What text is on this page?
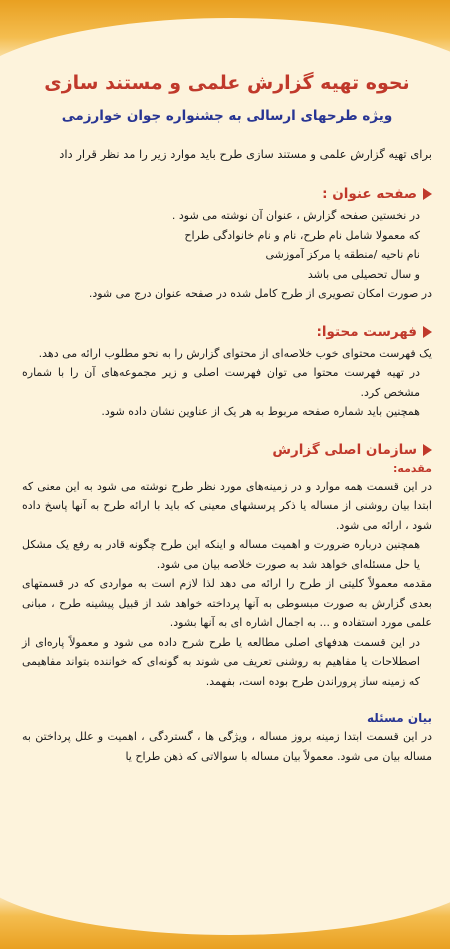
نحوه تهیه گزارش علمی و مستند سازی
ویژه طرحهای ارسالی به جشنواره جوان خوارزمی
برای تهیه گزارش علمی و مستند سازی طرح باید موارد زیر را مد نظر قرار داد
صفحه عنوان :
در نخستین صفحه گزارش ، عنوان آن نوشته می شود .
که معمولا شامل نام طرح، نام و نام خانوادگی طراح
نام ناحیه /منطقه یا مرکز آموزشی
و سال تحصیلی می باشد
در صورت امکان تصویری از طرح کامل شده در صفحه عنوان درج می شود.
فهرست محتوا:
یک فهرست محتوای خوب خلاصه‌ای از محتوای گزارش را به نحو مطلوب ارائه می دهد.
در تهیه فهرست محتوا می توان فهرست اصلی و زیر مجموعه‌های آن را با شماره مشخص کرد.
همچنین باید شماره صفحه مربوط به هر یک از عناوین نشان داده شود.
سازمان اصلی گزارش
مقدمه:
در این قسمت همه موارد و در زمینه‌های مورد نظر طرح نوشته می شود به این معنی که ابتدا بیان روشنی از مساله یا ذکر پرسشهای معینی که باید با ارائه طرح به آنها پاسخ داده شود ، ارائه می شود.
همچنین درباره ضرورت و اهمیت مساله و اینکه این طرح چگونه قادر به رفع یک مشکل یا حل مسئله‌ای خواهد شد به صورت خلاصه بیان می شود.
مقدمه معمولاً کلیتی از طرح را ارائه می دهد لذا لازم است به مواردی که در قسمتهای بعدی گزارش به صورت مبسوطی به آنها پرداخته خواهد شد از قبیل پیشینه طرح ، مبانی علمی مورد استفاده و ... به اجمال اشاره ای به آنها بشود.
در این قسمت هدفهای اصلی مطالعه یا طرح شرح داده می شود و معمولاً پاره‌ای از اصطلاحات یا مفاهیم به روشنی تعریف می شوند به گونه‌ای که خواننده بتواند مفاهیمی که زمینه ساز پروراندن طرح بوده است، بفهمد.
بیان مسئله
در این قسمت ابتدا زمینه بروز مساله ، ویژگی ها ، گستردگی ، اهمیت و علل پرداختن به مساله بیان می شود. معمولاً بیان مساله با سوالاتی که ذهن طراح یا
